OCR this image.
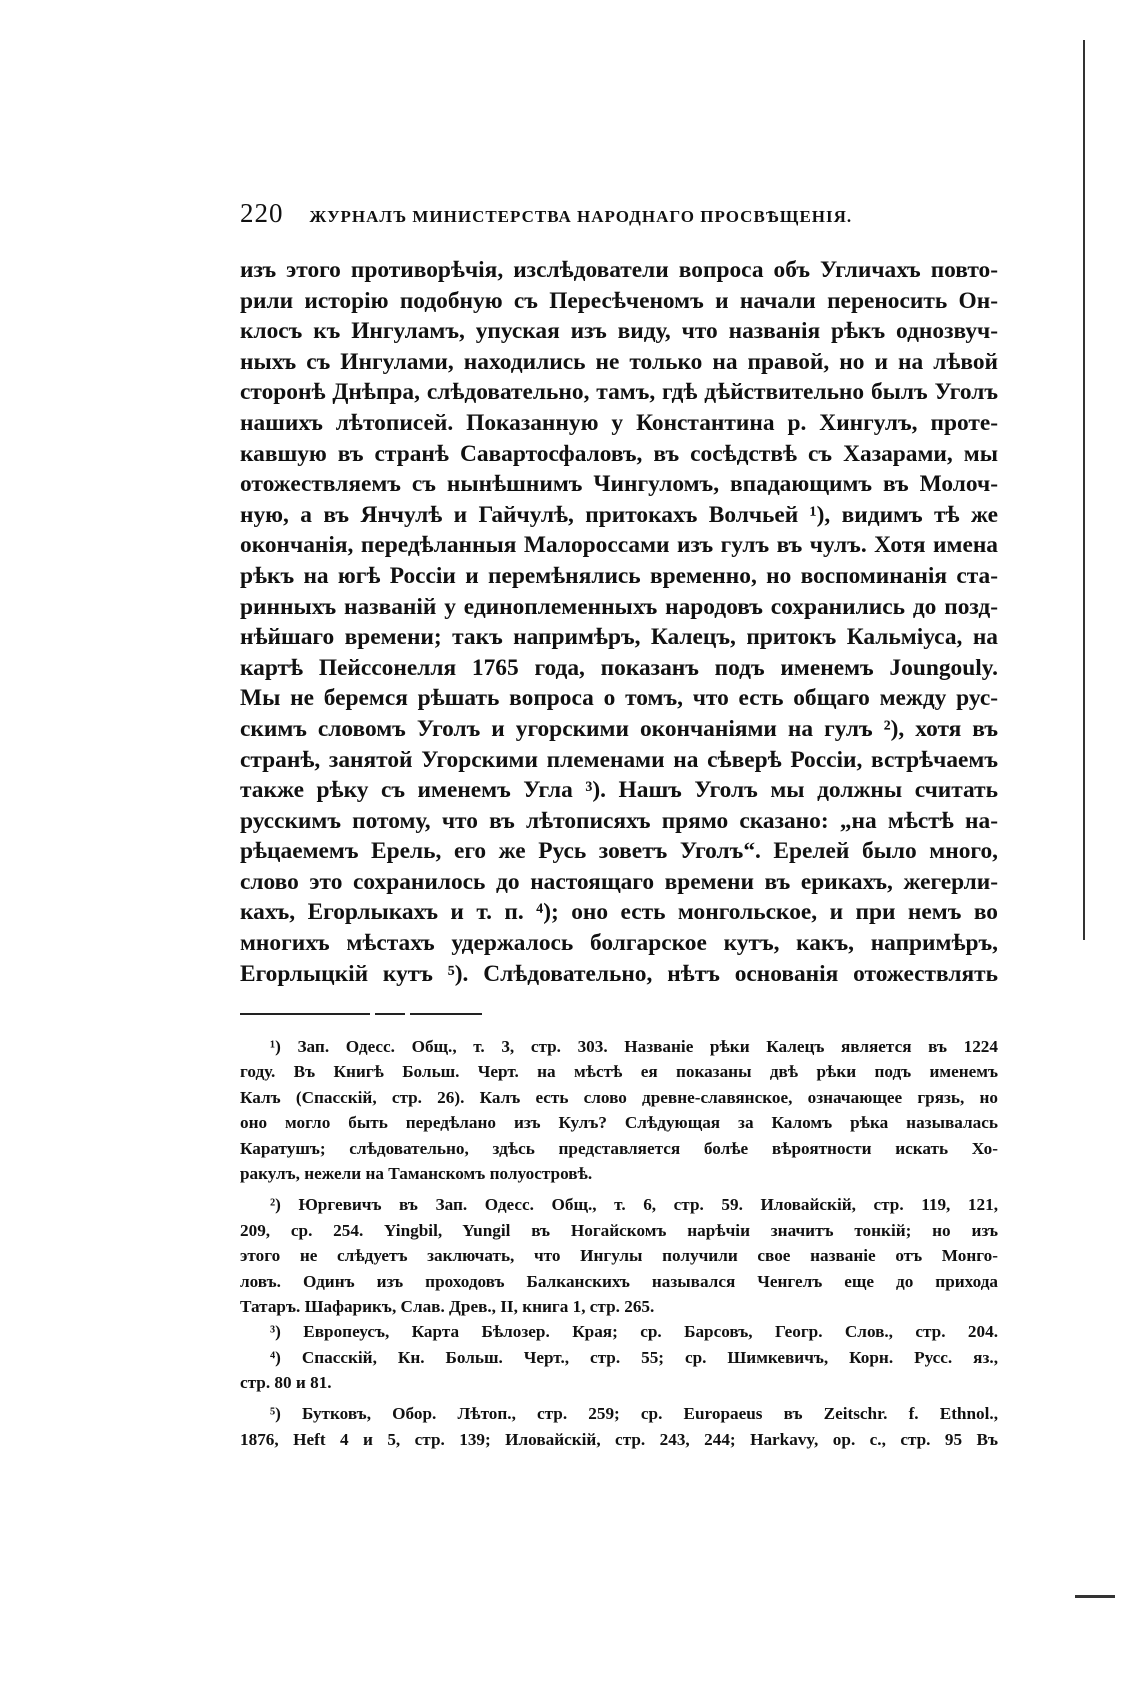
220 ЖУРНАЛЪ МИНИСТЕРСТВА НАРОДНАГО ПРОСВѢЩЕНІЯ.
изъ этого противорѣчія, изслѣдователи вопроса объ Угличахъ повто-
рили исторію подобную съ Пересѣченомъ и начали переносить Он-
клосъ къ Ингуламъ, упуская изъ виду, что названія рѣкъ однозвуч-
ныхъ съ Ингулами, находились не только на правой, но и на лѣвой
сторонѣ Днѣпра, слѣдовательно, тамъ, гдѣ дѣйствительно былъ Уголъ
нашихъ лѣтописей. Показанную у Константина р. Хингулъ, проте-
кавшую въ странѣ Савартосфаловъ, въ сосѣдствѣ съ Хазарами, мы
отожествляемъ съ нынѣшнимъ Чингуломъ, впадающимъ въ Молоч-
ную, а въ Янчулѣ и Гайчулѣ, притокахъ Волчьей ¹), видимъ тѣ же
окончанія, передѣланныя Малороссами изъ гулъ въ чулъ. Хотя имена
рѣкъ на югѣ Россіи и перемѣнялись временно, но воспоминанія ста-
ринныхъ названій у единоплеменныхъ народовъ сохранились до позд-
нѣйшаго времени; такъ напримѣръ, Калецъ, притокъ Кальміуса, на
картѣ Пейссонелля 1765 года, показанъ подъ именемъ Joungouly.
Мы не беремся рѣшать вопроса о томъ, что есть общаго между рус-
скимъ словомъ Уголъ и угорскими окончаніями на гулъ ²), хотя въ
странѣ, занятой Угорскими племенами на сѣверѣ Россіи, встрѣчаемъ
также рѣку съ именемъ Угла ³). Нашъ Уголъ мы должны считать
русскимъ потому, что въ лѣтописяхъ прямо сказано: „на мѣстѣ на-
рѣцаемемъ Ерель, его же Русь зоветъ Уголъ“. Ерелей было много,
слово это сохранилось до настоящаго времени въ ерикахъ, жегерли-
кахъ, Егорлыкахъ и т. п. ⁴); оно есть монгольское, и при немъ во
многихъ мѣстахъ удержалось болгарское кутъ, какъ, напримѣръ,
Егорлыцкій кутъ ⁵). Слѣдовательно, нѣтъ основанія отожествлять
¹) Зап. Одесс. Общ., т. 3, стр. 303. Названіе рѣки Калецъ является въ 1224
году. Въ Книгѣ Больш. Черт. на мѣстѣ ея показаны двѣ рѣки подъ именемъ
Калъ (Спасскій, стр. 26). Калъ есть слово древне-славянское, означающее грязь, но
оно могло быть передѣлано изъ Кулъ? Слѣдующая за Каломъ рѣка называлась
Каратушъ; слѣдовательно, здѣсь представляется болѣе вѣроятности искать Хо-
ракулъ, нежели на Таманскомъ полуостровѣ.
²) Юргевичъ въ Зап. Одесс. Общ., т. 6, стр. 59. Иловайскій, стр. 119, 121,
209, ср. 254. Yingbil, Yungil въ Ногайскомъ нарѣчіи значитъ тонкій; но изъ
этого не слѣдуетъ заключать, что Ингулы получили свое названіе отъ Монго-
ловъ. Одинъ изъ проходовъ Балканскихъ назывался Ченгелъ еще до прихода
Татаръ. Шафарикъ, Слав. Древ., II, книга 1, стр. 265.
³) Европеусъ, Карта Бѣлозер. Края; ср. Барсовъ, Геогр. Слов., стр. 204.
⁴) Спасскій, Кн. Больш. Черт., стр. 55; ср. Шимкевичъ, Корн. Русс. яз.,
стр. 80 и 81.
⁵) Бутковъ, Обор. Лѣтоп., стр. 259; ср. Europaeus въ Zeitschr. f. Ethnol.,
1876, Heft 4 и 5, стр. 139; Иловайскій, стр. 243, 244; Harkavy, op. c., стр. 95 Въ
